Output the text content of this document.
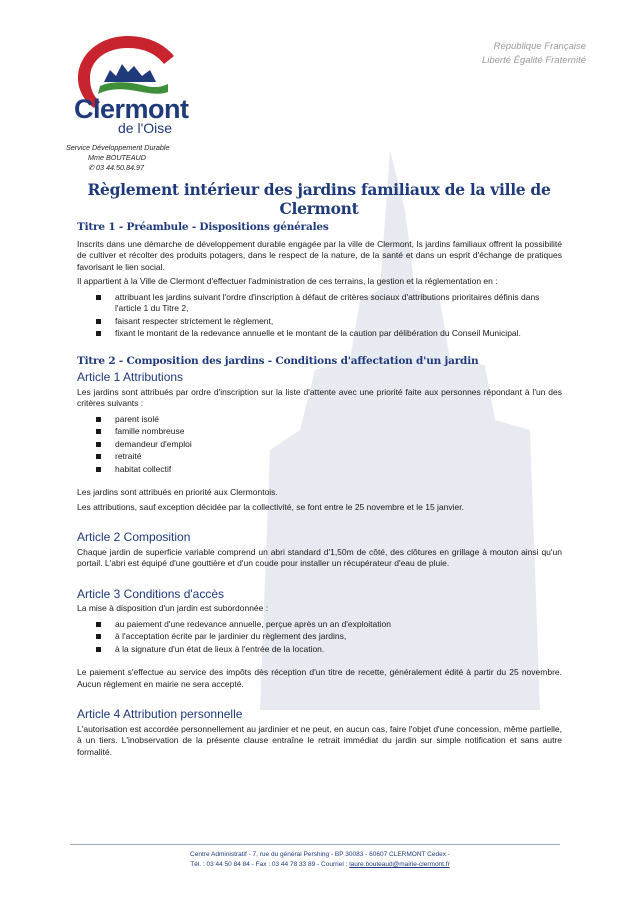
République Française
Liberté Égalité Fraternité
Clermont
de l'Oise
Service Développement Durable
Mme BOUTEAUD
✆ 03 44.50.84.97
Règlement intérieur des jardins familiaux de la ville de Clermont
Titre 1 - Préambule - Dispositions générales

Inscrits dans une démarche de développement durable engagée par la ville de Clermont, ls jardins familiaux offrent la possibilité de cultiver et récolter des produits potagers, dans le respect de la nature, de la santé et dans un esprit d'échange de pratiques favorisant le lien social.

Il appartient à la Ville de Clermont d'effectuer l'administration de ces terrains, la gestion et la réglementation en :

attribuant les jardins suivant l'ordre d'inscription à défaut de critères sociaux d'attributions prioritaires définis dans l'article 1 du Titre 2,
faisant respecter strictement le règlement,
fixant le montant de la redevance annuelle et le montant de la caution par délibération du Conseil Municipal.
Titre 2 - Composition des jardins - Conditions d'affectation d'un jardin
Article 1 Attributions

Les jardins sont attribués par ordre d'inscription sur la liste d'attente avec une priorité faite aux personnes répondant à l'un des critères suivants :

parent isolé
famille nombreuse
demandeur d'emploi
retraité
habitat collectif

Les jardins sont attribués en priorité aux Clermontois.

Les attributions, sauf exception décidée par la collectivité, se font entre le 25 novembre et le 15 janvier.

Article 2 Composition

Chaque jardin de superficie variable comprend un abri standard d'1,50m de côté, des clôtures en grillage à mouton ainsi qu'un portail. L'abri est équipé d'une gouttière et d'un coude pour installer un récupérateur d'eau de pluie.

Article 3 Conditions d'accès

La mise à disposition d'un jardin est subordonnée :

au paiement d'une redevance annuelle, perçue après un an d'exploitation
à l'acceptation écrite par le jardinier du règlement des jardins,
à la signature d'un état de lieux à l'entrée de la location.

Le paiement s'effectue au service des impôts dès réception d'un titre de recette, généralement édité à partir du 25 novembre. Aucun règlement en mairie ne sera accepté.

Article 4 Attribution personnelle

L'autorisation est accordée personnellement au jardinier et ne peut, en aucun cas, faire l'objet d'une concession, même partielle, à un tiers. L'inobservation de la présente clause entraîne le retrait immédiat du jardin sur simple notification et sans autre formalité.

Centre Administratif - 7, rue du général Pershing - BP 30083 - 60607 CLERMONT Cedex -
Tél. : 03 44 50 84 84 - Fax : 03 44 78 33 89 - Courriel : laure.bouteaud@mairie-clermont.fr
